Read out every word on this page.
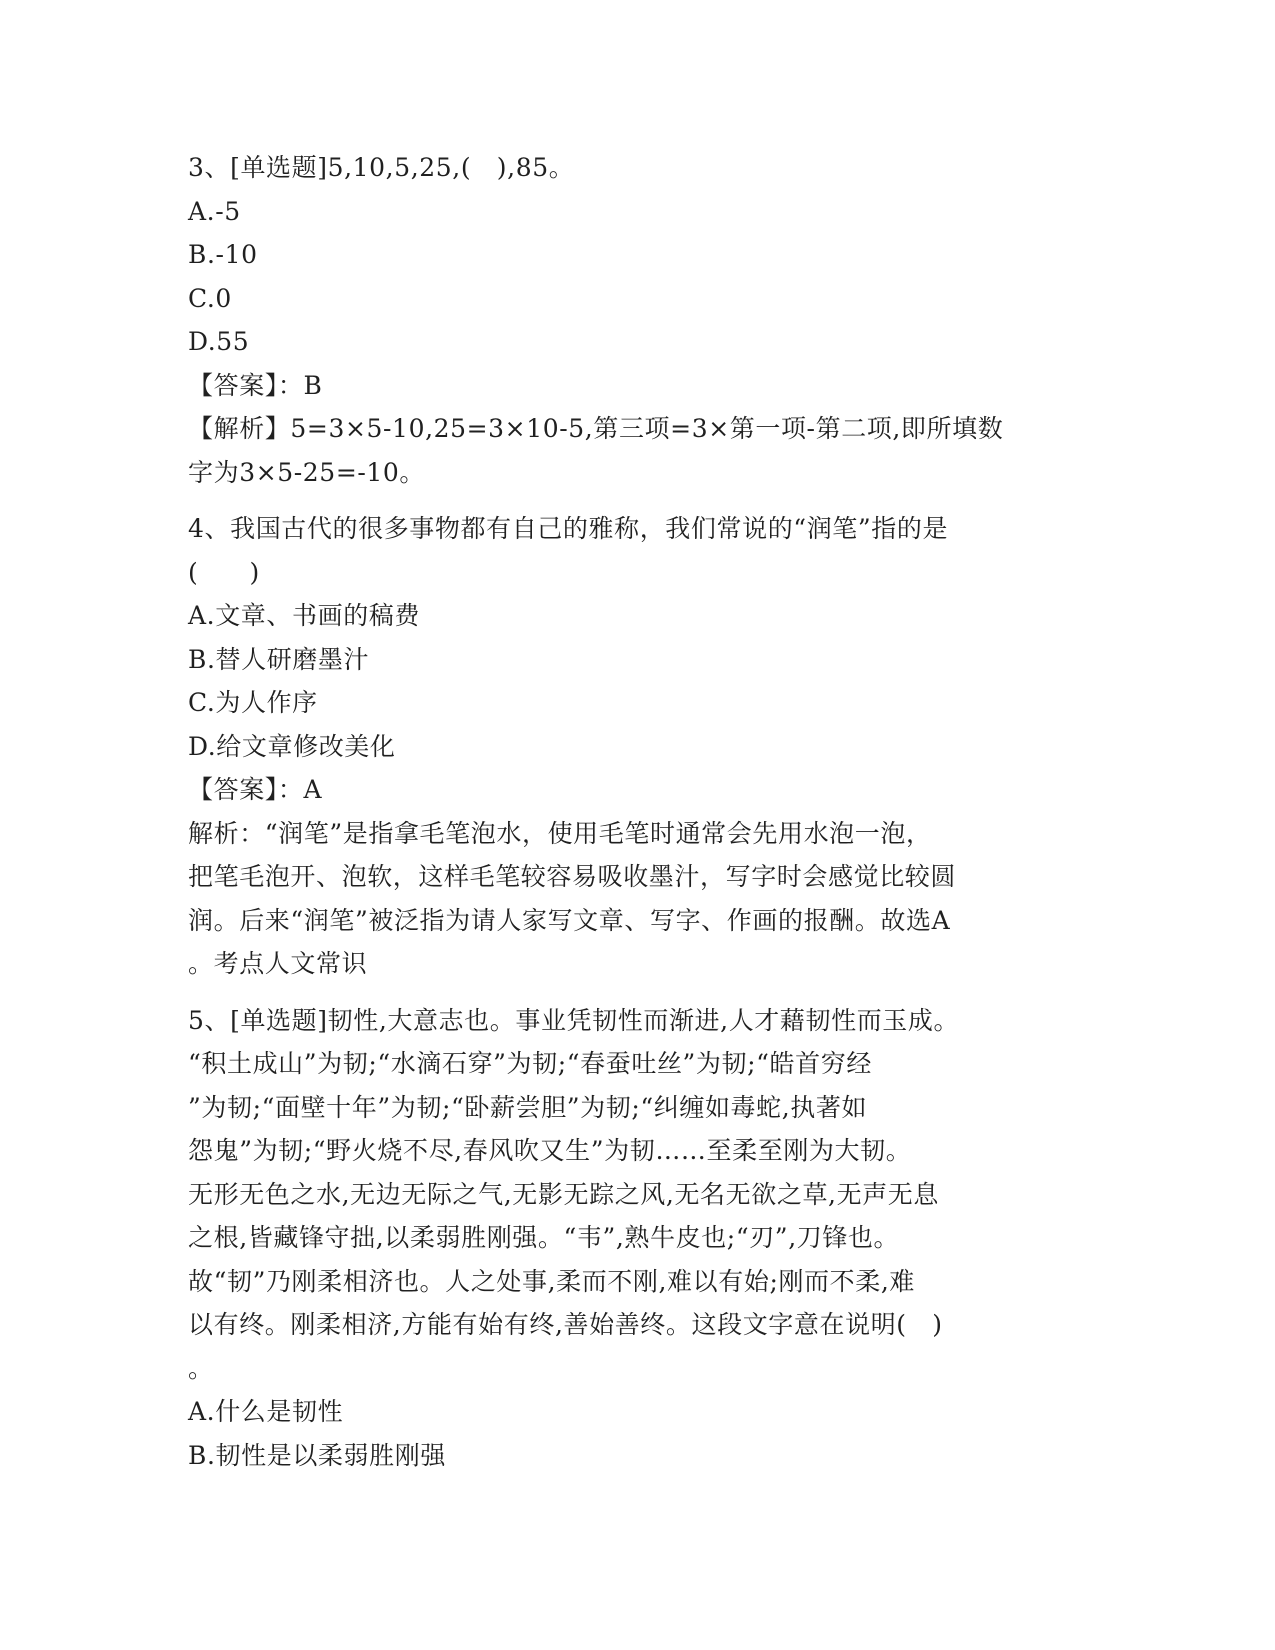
3、[单选题]5,10,5,25,(　),85。

A.-5

B.-10

C.0

D.55

【答案】：B

【解析】5=3×5-10,25=3×10-5,第三项=3×第一项-第二项,即所填数

字为3×5-25=-10。

4、我国古代的很多事物都有自己的雅称，我们常说的“润笔”指的是

(　　)

A.文章、书画的稿费

B.替人研磨墨汁

C.为人作序

D.给文章修改美化

【答案】：A

解析：“润笔”是指拿毛笔泡水，使用毛笔时通常会先用水泡一泡，

把笔毛泡开、泡软，这样毛笔较容易吸收墨汁，写字时会感觉比较圆

润。后来“润笔”被泛指为请人家写文章、写字、作画的报酬。故选A

。考点人文常识

5、[单选题]韧性,大意志也。事业凭韧性而渐进,人才藉韧性而玉成。

“积土成山”为韧;“水滴石穿”为韧;“春蚕吐丝”为韧;“皓首穷经

”为韧;“面壁十年”为韧;“卧薪尝胆”为韧;“纠缠如毒蛇,执著如

怨鬼”为韧;“野火烧不尽,春风吹又生”为韧……至柔至刚为大韧。

无形无色之水,无边无际之气,无影无踪之风,无名无欲之草,无声无息

之根,皆藏锋守拙,以柔弱胜刚强。“韦”,熟牛皮也;“刃”,刀锋也。

故“韧”乃刚柔相济也。人之处事,柔而不刚,难以有始;刚而不柔,难

以有终。刚柔相济,方能有始有终,善始善终。这段文字意在说明(　)

。

A.什么是韧性

B.韧性是以柔弱胜刚强
